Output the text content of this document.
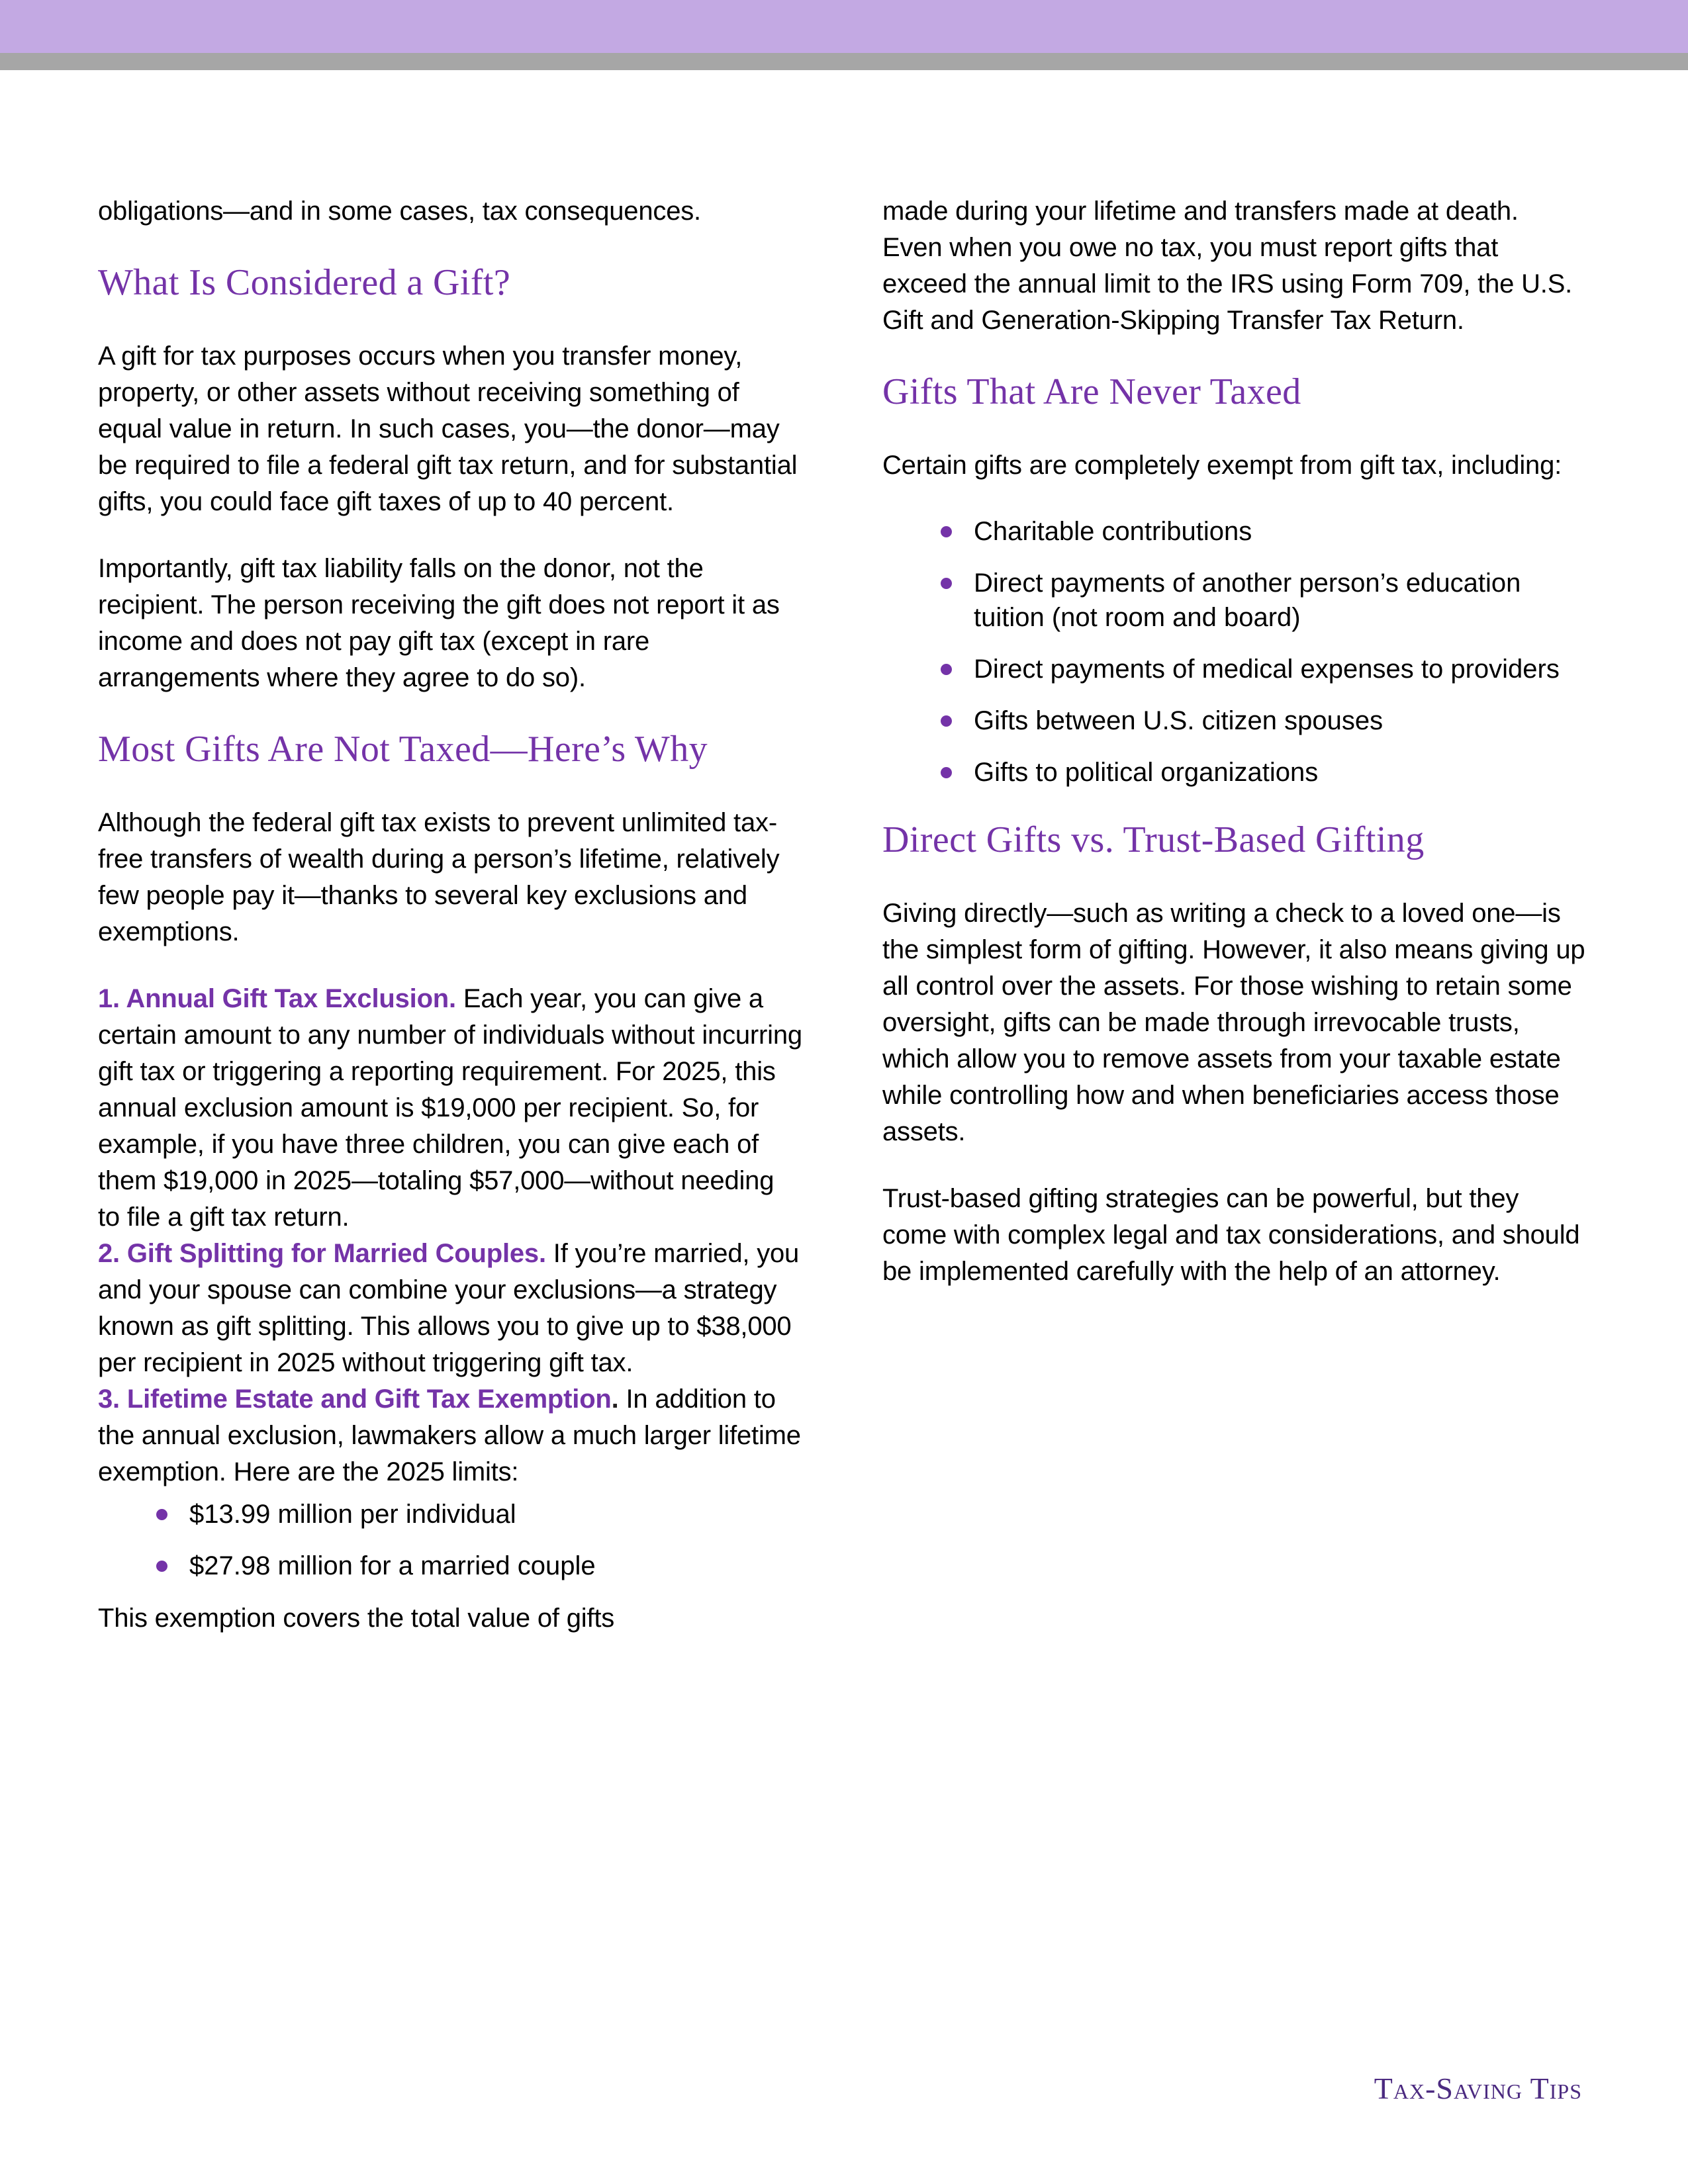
obligations—and in some cases, tax consequences.

What Is Considered a Gift?

A gift for tax purposes occurs when you transfer money, property, or other assets without receiving something of equal value in return. In such cases, you—the donor—may be required to file a federal gift tax return, and for substantial gifts, you could face gift taxes of up to 40 percent.

Importantly, gift tax liability falls on the donor, not the recipient. The person receiving the gift does not report it as income and does not pay gift tax (except in rare arrangements where they agree to do so).

Most Gifts Are Not Taxed—Here’s Why

Although the federal gift tax exists to prevent unlimited tax-free transfers of wealth during a person’s lifetime, relatively few people pay it—thanks to several key exclusions and exemptions.

1. Annual Gift Tax Exclusion. Each year, you can give a certain amount to any number of individuals without incurring gift tax or triggering a reporting requirement. For 2025, this annual exclusion amount is $19,000 per recipient. So, for example, if you have three children, you can give each of them $19,000 in 2025—totaling $57,000—without needing to file a gift tax return.

2. Gift Splitting for Married Couples. If you’re married, you and your spouse can combine your exclusions—a strategy known as gift splitting. This allows you to give up to $38,000 per recipient in 2025 without triggering gift tax.

3. Lifetime Estate and Gift Tax Exemption. In addition to the annual exclusion, lawmakers allow a much larger lifetime exemption. Here are the 2025 limits:

$13.99 million per individual
$27.98 million for a married couple

This exemption covers the total value of gifts

made during your lifetime and transfers made at death.

Even when you owe no tax, you must report gifts that exceed the annual limit to the IRS using Form 709, the U.S. Gift and Generation-Skipping Transfer Tax Return.

Gifts That Are Never Taxed

Certain gifts are completely exempt from gift tax, including:

Charitable contributions
Direct payments of another person’s education tuition (not room and board)
Direct payments of medical expenses to providers
Gifts between U.S. citizen spouses
Gifts to political organizations
Direct Gifts vs. Trust-Based Gifting

Giving directly—such as writing a check to a loved one—is the simplest form of gifting. However, it also means giving up all control over the assets. For those wishing to retain some oversight, gifts can be made through irrevocable trusts, which allow you to remove assets from your taxable estate while controlling how and when beneficiaries access those assets.

Trust-based gifting strategies can be powerful, but they come with complex legal and tax considerations, and should be implemented carefully with the help of an attorney.

Tax-Saving Tips
